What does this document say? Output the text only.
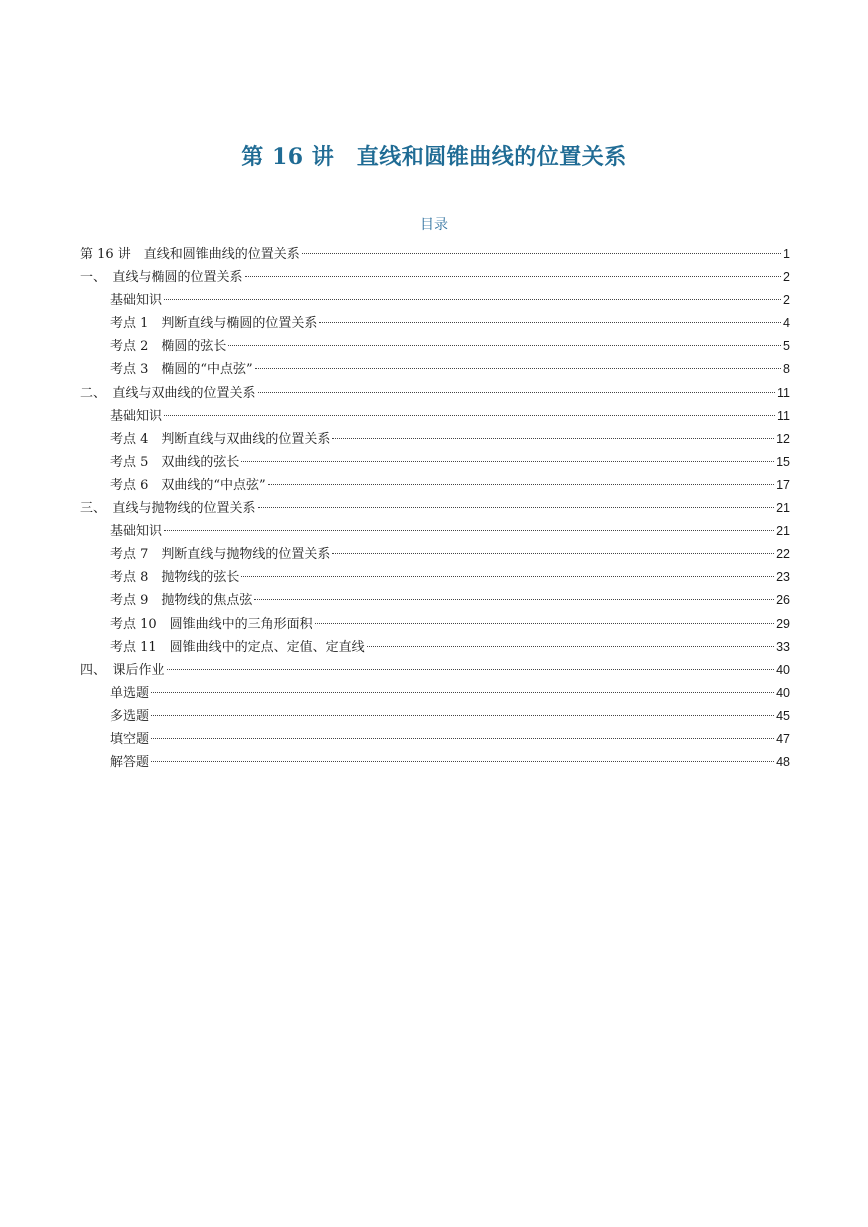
第 16 讲　直线和圆锥曲线的位置关系
目录
第 16 讲　直线和圆锥曲线的位置关系	1
一、　直线与椭圆的位置关系	2
基础知识	2
考点 1　判断直线与椭圆的位置关系	4
考点 2　椭圆的弦长	5
考点 3　椭圆的“中点弦”	8
二、　直线与双曲线的位置关系	11
基础知识	11
考点 4　判断直线与双曲线的位置关系	12
考点 5　双曲线的弦长	15
考点 6　双曲线的“中点弦”	17
三、　直线与抛物线的位置关系	21
基础知识	21
考点 7　判断直线与抛物线的位置关系	22
考点 8　抛物线的弦长	23
考点 9　抛物线的焦点弦	26
考点 10　圆锥曲线中的三角形面积	29
考点 11　圆锥曲线中的定点、定值、定直线	33
四、　课后作业	40
单选题	40
多选题	45
填空题	47
解答题	48
